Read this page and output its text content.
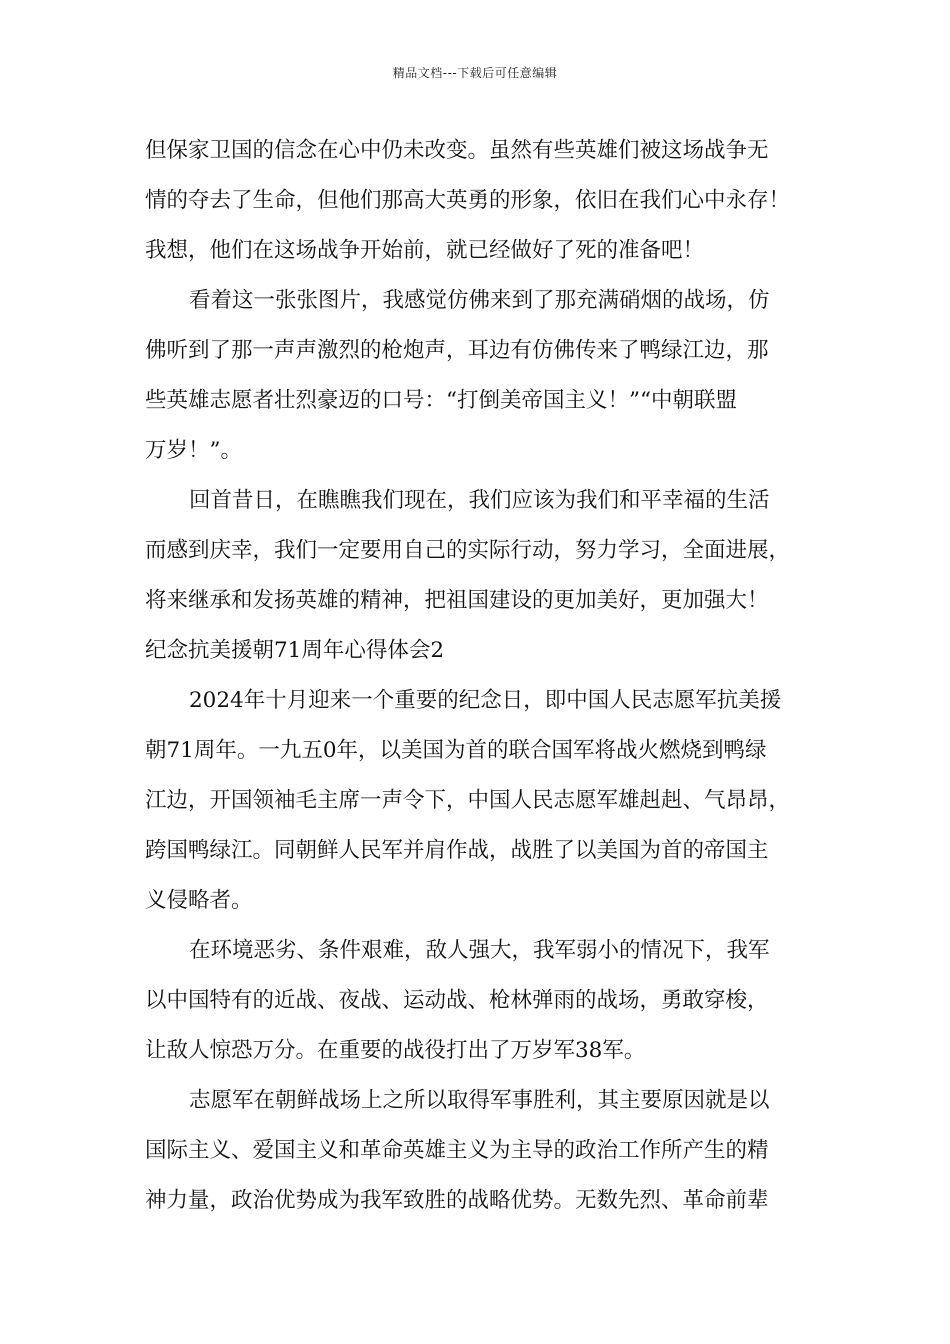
精品文档---下载后可任意编辑
但保家卫国的信念在心中仍未改变。虽然有些英雄们被这场战争无
情的夺去了生命，但他们那高大英勇的形象，依旧在我们心中永存！
我想，他们在这场战争开始前，就已经做好了死的准备吧！
看着这一张张图片，我感觉仿佛来到了那充满硝烟的战场，仿
佛听到了那一声声激烈的枪炮声，耳边有仿佛传来了鸭绿江边，那
些英雄志愿者壮烈豪迈的口号：“打倒美帝国主义！”“中朝联盟
万岁！”。
回首昔日，在瞧瞧我们现在，我们应该为我们和平幸福的生活
而感到庆幸，我们一定要用自己的实际行动，努力学习，全面进展，
将来继承和发扬英雄的精神，把祖国建设的更加美好，更加强大！
纪念抗美援朝71周年心得体会2
2024年十月迎来一个重要的纪念日，即中国人民志愿军抗美援
朝71周年。一九五0年，以美国为首的联合国军将战火燃烧到鸭绿
江边，开国领袖毛主席一声令下，中国人民志愿军雄赳赳、气昂昂，
跨国鸭绿江。同朝鲜人民军并肩作战，战胜了以美国为首的帝国主
义侵略者。
在环境恶劣、条件艰难，敌人强大，我军弱小的情况下，我军
以中国特有的近战、夜战、运动战、枪林弹雨的战场，勇敢穿梭，
让敌人惊恐万分。在重要的战役打出了万岁军38军。
志愿军在朝鲜战场上之所以取得军事胜利，其主要原因就是以
国际主义、爱国主义和革命英雄主义为主导的政治工作所产生的精
神力量，政治优势成为我军致胜的战略优势。无数先烈、革命前辈
